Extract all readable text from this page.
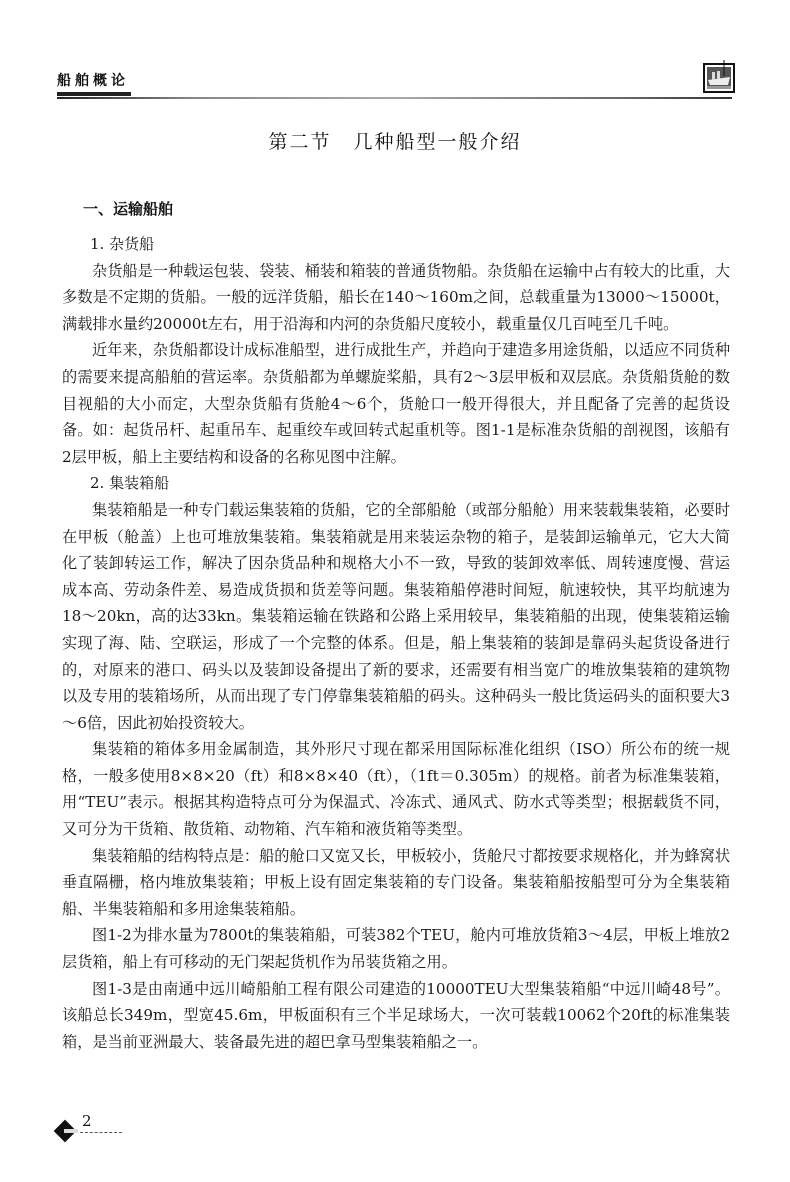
船舶概论
第二节 几种船型一般介绍
一、运输船舶

1. 杂货船

杂货船是一种载运包装、袋装、桶装和箱装的普通货物船。杂货船在运输中占有较大的比重，大多数是不定期的货船。一般的远洋货船，船长在140～160m之间，总载重量为13000～15000t，满载排水量约20000t左右，用于沿海和内河的杂货船尺度较小，载重量仅几百吨至几千吨。

近年来，杂货船都设计成标准船型，进行成批生产，并趋向于建造多用途货船，以适应不同货种的需要来提高船舶的营运率。杂货船都为单螺旋桨船，具有2～3层甲板和双层底。杂货船货舱的数目视船的大小而定，大型杂货船有货舱4～6个，货舱口一般开得很大，并且配备了完善的起货设备。如：起货吊杆、起重吊车、起重绞车或回转式起重机等。图1-1是标准杂货船的剖视图，该船有2层甲板，船上主要结构和设备的名称见图中注解。

2. 集装箱船

集装箱船是一种专门载运集装箱的货船，它的全部船舱（或部分船舱）用来装载集装箱，必要时在甲板（舱盖）上也可堆放集装箱。集装箱就是用来装运杂物的箱子，是装卸运输单元，它大大简化了装卸转运工作，解决了因杂货品种和规格大小不一致，导致的装卸效率低、周转速度慢、营运成本高、劳动条件差、易造成货损和货差等问题。集装箱船停港时间短，航速较快，其平均航速为18～20kn，高的达33kn。集装箱运输在铁路和公路上采用较早，集装箱船的出现，使集装箱运输实现了海、陆、空联运，形成了一个完整的体系。但是，船上集装箱的装卸是靠码头起货设备进行的，对原来的港口、码头以及装卸设备提出了新的要求，还需要有相当宽广的堆放集装箱的建筑物以及专用的装箱场所，从而出现了专门停靠集装箱船的码头。这种码头一般比货运码头的面积要大3～6倍，因此初始投资较大。

集装箱的箱体多用金属制造，其外形尺寸现在都采用国际标准化组织（ISO）所公布的统一规格，一般多使用8×8×20（ft）和8×8×40（ft），（1ft＝0.305m）的规格。前者为标准集装箱，用“TEU”表示。根据其构造特点可分为保温式、冷冻式、通风式、防水式等类型；根据载货不同，又可分为干货箱、散货箱、动物箱、汽车箱和液货箱等类型。

集装箱船的结构特点是：船的舱口又宽又长，甲板较小，货舱尺寸都按要求规格化，并为蜂窝状垂直隔栅，格内堆放集装箱；甲板上设有固定集装箱的专门设备。集装箱船按船型可分为全集装箱船、半集装箱船和多用途集装箱船。

图1-2为排水量为7800t的集装箱船，可装382个TEU，舱内可堆放货箱3～4层，甲板上堆放2层货箱，船上有可移动的无门架起货机作为吊装货箱之用。

图1-3是由南通中远川崎船舶工程有限公司建造的10000TEU大型集装箱船“中远川崎48号”。该船总长349m，型宽45.6m，甲板面积有三个半足球场大，一次可装载10062个20ft的标准集装箱，是当前亚洲最大、装备最先进的超巴拿马型集装箱船之一。

2
